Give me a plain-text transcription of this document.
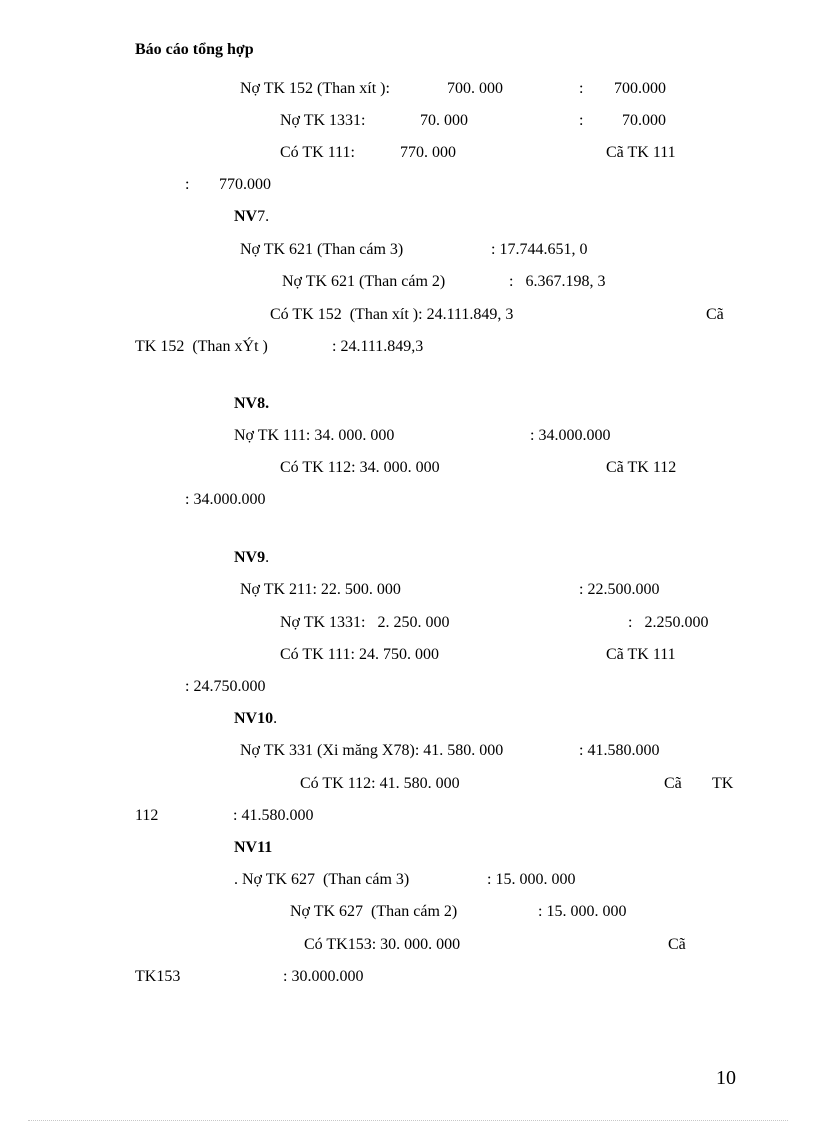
Báo cáo tổng hợp
Nợ TK 152 (Than xít ):	700. 000	: 700.000
Nợ TK 1331:	70. 000	: 70.000
Có TK 111:	770. 000	Cã TK 111
: 770.000
NV7.
Nợ TK 621 (Than cám 3)	: 17.744.651, 0
Nợ TK 621 (Than cám 2)	:   6.367.198, 3
Có TK 152  (Than xít ): 24.111.849, 3	Cã
TK 152  (Than xÝt )	: 24.111.849,3
NV8.
Nợ TK 111: 34. 000. 000	: 34.000.000
Có TK 112: 34. 000. 000	Cã TK 112
: 34.000.000
NV9.
Nợ TK 211: 22. 500. 000	: 22.500.000
Nợ TK 1331:   2. 250. 000	:   2.250.000
Có TK 111: 24. 750. 000	Cã TK 111
: 24.750.000
NV10.
Nợ TK 331 (Xi măng X78): 41. 580. 000	: 41.580.000
Có TK 112: 41. 580. 000	Cã TK
112	: 41.580.000
NV11
. Nợ TK 627  (Than cám 3)	: 15. 000. 000
Nợ TK 627  (Than cám 2)	: 15. 000. 000
Có TK153: 30. 000. 000	Cã
TK153	: 30.000.000
10
